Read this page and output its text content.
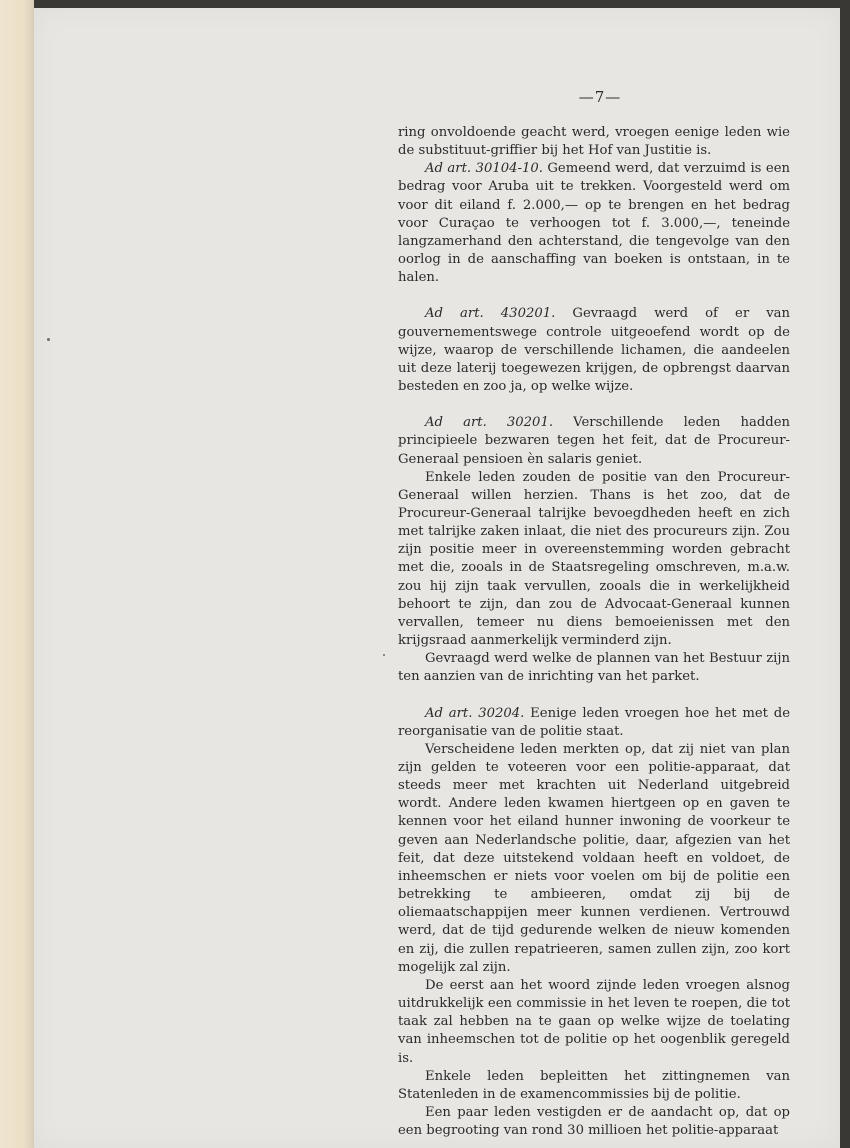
—7—

ring onvoldoende geacht werd, vroegen eenige leden wie de substituut-griffier bij het Hof van Justitie is.

Ad art. 30104-10. Gemeend werd, dat verzuimd is een bedrag voor Aruba uit te trekken. Voorgesteld werd om voor dit eiland f. 2.000,— op te brengen en het bedrag voor Curaçao te verhoogen tot f. 3.000,—, teneinde langzamerhand den achterstand, die tengevolge van den oorlog in de aanschaffing van boeken is ontstaan, in te halen.

Ad art. 430201. Gevraagd werd of er van gouvernementswege controle uitgeoefend wordt op de wijze, waarop de verschillende lichamen, die aandeelen uit deze laterij toegewezen krijgen, de opbrengst daarvan besteden en zoo ja, op welke wijze.

Ad art. 30201. Verschillende leden hadden principieele bezwaren tegen het feit, dat de Procureur-Generaal pensioen èn salaris geniet.

Enkele leden zouden de positie van den Procureur-Generaal willen herzien. Thans is het zoo, dat de Procureur-Generaal talrijke bevoegdheden heeft en zich met talrijke zaken inlaat, die niet des procureurs zijn. Zou zijn positie meer in overeenstemming worden gebracht met die, zooals in de Staatsregeling omschreven, m.a.w. zou hij zijn taak vervullen, zooals die in werkelijkheid behoort te zijn, dan zou de Advocaat-Generaal kunnen vervallen, temeer nu diens bemoeienissen met den krijgsraad aanmerkelijk verminderd zijn.

Gevraagd werd welke de plannen van het Bestuur zijn ten aanzien van de inrichting van het parket.

Ad art. 30204. Eenige leden vroegen hoe het met de reorganisatie van de politie staat.

Verscheidene leden merkten op, dat zij niet van plan zijn gelden te voteeren voor een politie-apparaat, dat steeds meer met krachten uit Nederland uitgebreid wordt. Andere leden kwamen hiertgeen op en gaven te kennen voor het eiland hunner inwoning de voorkeur te geven aan Nederlandsche politie, daar, afgezien van het feit, dat deze uitstekend voldaan heeft en voldoet, de inheemschen er niets voor voelen om bij de politie een betrekking te ambieeren, omdat zij bij de oliemaatschappijen meer kunnen verdienen. Vertrouwd werd, dat de tijd gedurende welken de nieuw komenden en zij, die zullen repatrieeren, samen zullen zijn, zoo kort mogelijk zal zijn.

De eerst aan het woord zijnde leden vroegen alsnog uitdrukkelijk een commissie in het leven te roepen, die tot taak zal hebben na te gaan op welke wijze de toelating van inheemschen tot de politie op het oogenblik geregeld is.

Enkele leden bepleitten het zittingnemen van Statenleden in de examencommissies bij de politie.

Een paar leden vestigden er de aandacht op, dat op een begrooting van rond 30 millioen het politie-apparaat
